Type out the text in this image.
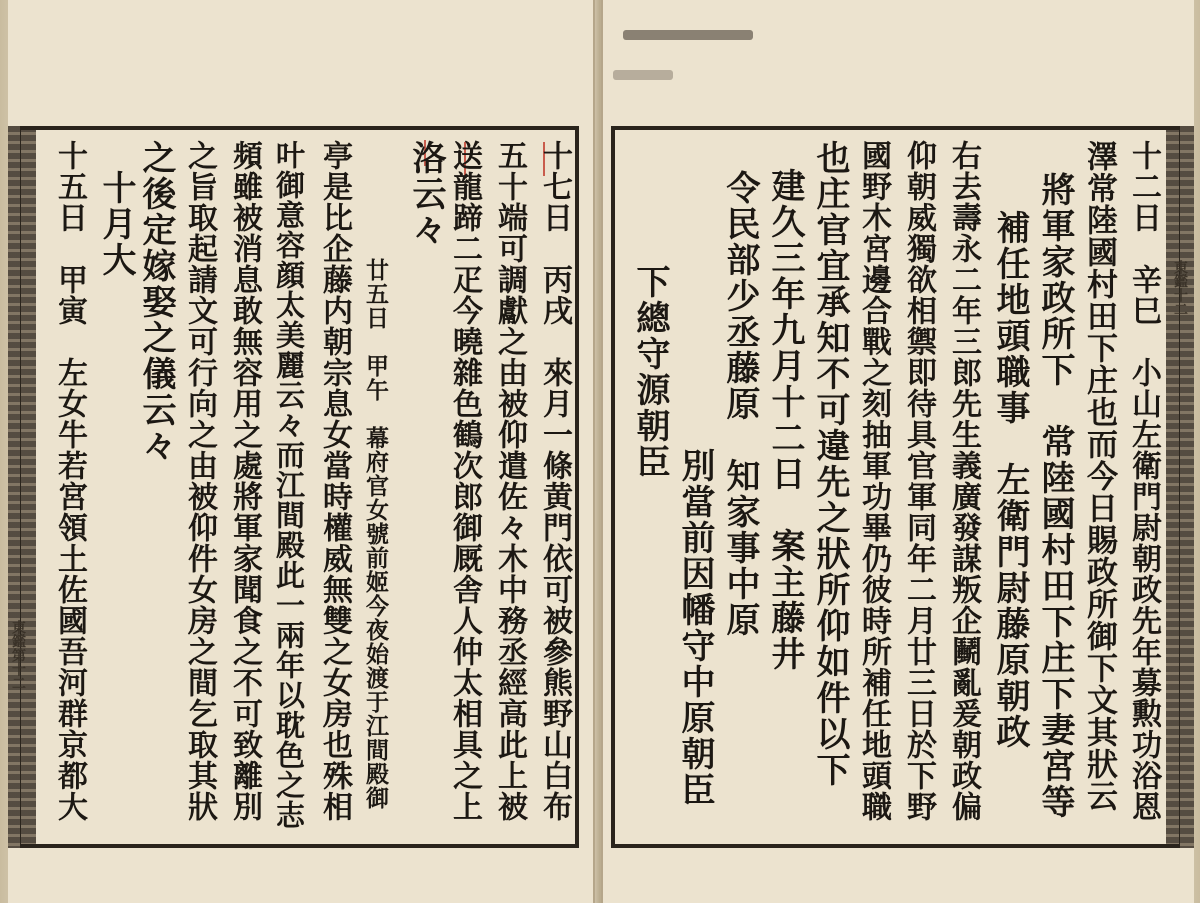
十七日　丙戌　來月一條黄門依可被參熊野山白布
五十端可調獻之由被仰遣佐々木中務丞經高此上被
送龍蹄二疋今曉雜色鶴次郎御厩舎人仲太相具之上
洛云々
廿五日　甲午　幕府官女號前姬今夜始渡于江間殿御
亭是比企藤内朝宗息女當時權威無雙之女房也殊相
叶御意容顔太美麗云々而江間殿此一兩年以耽色之志
頻雖被消息敢無容用之處將軍家聞食之不可致離別
之旨取起請文可行向之由被仰件女房之間乞取其狀
之後定嫁娶之儀云々
十月大
十五日　甲寅　左女牛若宮領土佐國吾河群京都大	十二日　辛巳　小山左衛門尉朝政先年募勲功浴恩
澤常陸國村田下庄也而今日賜政所御下文其狀云
將軍家政所下　常陸國村田下庄下妻宮等
補任地頭職事　左衛門尉藤原朝政
右去壽永二年三郎先生義廣發謀叛企鬭亂爰朝政偏
仰朝威獨欲相禦即待具官軍同年二月廿三日於下野
國野木宮邊合戰之刻抽軍功畢仍彼時所補任地頭職
也庄官宜承知不可違先之狀所仰如件以下
建久三年九月十二日　案主藤井
令民部少丞藤原　知家事中原
別當前因幡守中原朝臣
下總守源朝臣	東鑑十二
東鑑第十二
